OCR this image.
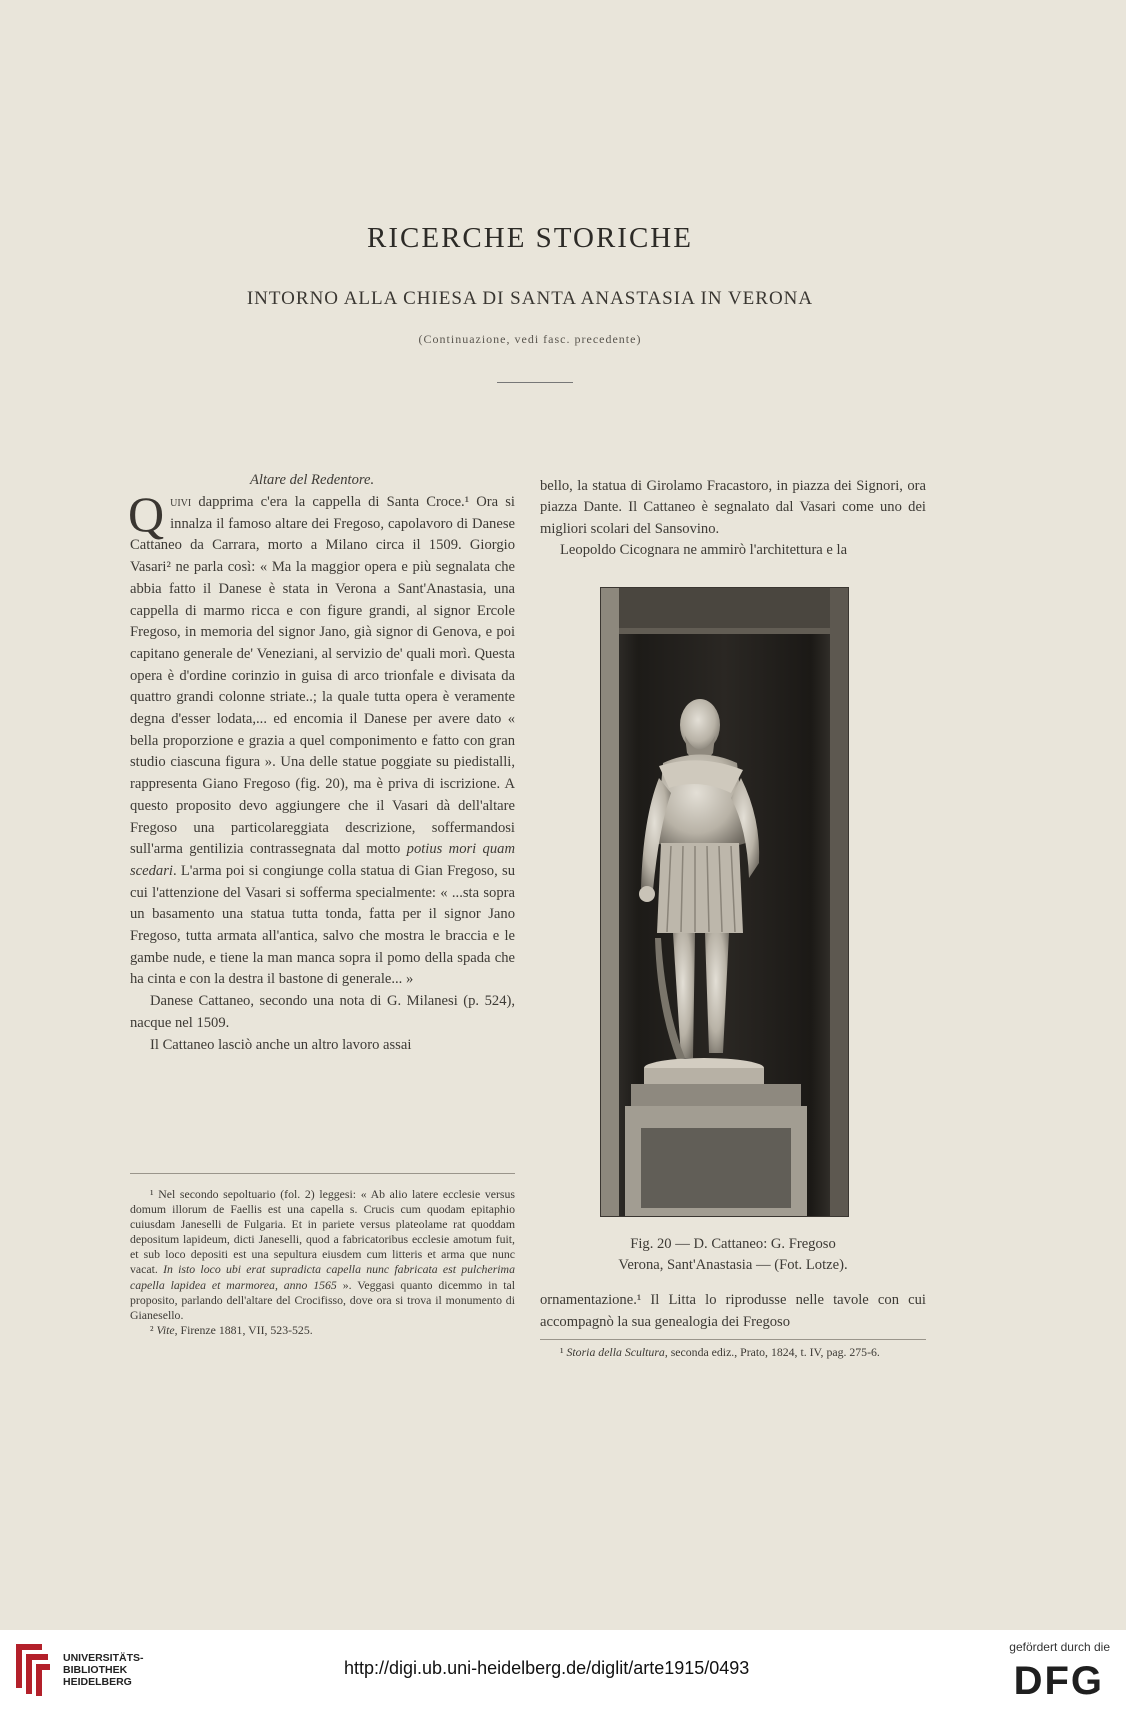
RICERCHE STORICHE
INTORNO ALLA CHIESA DI SANTA ANASTASIA IN VERONA
(Continuazione, vedi fasc. precedente)
Altare del Redentore.

Quivi dapprima c'era la cappella di Santa Croce.¹ Ora si innalza il famoso altare dei Fregoso, capolavoro di Danese Cattaneo da Carrara, morto a Milano circa il 1509. Giorgio Vasari² ne parla così: « Ma la maggior opera e più segnalata che abbia fatto il Danese è stata in Verona a Sant'Anastasia, una cappella di marmo ricca e con figure grandi, al signor Ercole Fregoso, in memoria del signor Jano, già signor di Genova, e poi capitano generale de' Veneziani, al servizio de' quali morì. Questa opera è d'ordine corinzio in guisa di arco trionfale e divisata da quattro grandi colonne striate..; la quale tutta opera è veramente degna d'esser lodata,... ed encomia il Danese per avere dato « bella proporzione e grazia a quel componimento e fatto con gran studio ciascuna figura ». Una delle statue poggiate su piedistalli, rappresenta Giano Fregoso (fig. 20), ma è priva di iscrizione. A questo proposito devo aggiungere che il Vasari dà dell'altare Fregoso una particolareggiata descrizione, soffermandosi sull'arma gentilizia contrassegnata dal motto potius mori quam scedari. L'arma poi si congiunge colla statua di Gian Fregoso, su cui l'attenzione del Vasari si sofferma specialmente: « ...sta sopra un basamento una statua tutta tonda, fatta per il signor Jano Fregoso, tutta armata all'antica, salvo che mostra le braccia e le gambe nude, e tiene la man manca sopra il pomo della spada che ha cinta e con la destra il bastone di generale... »

Danese Cattaneo, secondo una nota di G. Milanesi (p. 524), nacque nel 1509.

Il Cattaneo lasciò anche un altro lavoro assai

¹ Nel secondo sepoltuario (fol. 2) leggesi: « Ab alio latere ecclesie versus domum illorum de Faellis est una capella s. Crucis cum quodam epitaphio cuiusdam Janeselli de Fulgaria. Et in pariete versus plateolame rat quoddam depositum lapideum, dicti Janeselli, quod a fabricatoribus ecclesie amotum fuit, et sub loco depositi est una sepultura eiusdem cum litteris et arma que nunc vacat. In isto loco ubi erat supradicta capella nunc fabricata est pulcherima capella lapidea et marmorea, anno 1565 ». Veggasi quanto dicemmo in tal proposito, parlando dell'altare del Crocifisso, dove ora si trova il monumento di Gianesello.

² Vite, Firenze 1881, VII, 523-525.

bello, la statua di Girolamo Fracastoro, in piazza dei Signori, ora piazza Dante. Il Cattaneo è segnalato dal Vasari come uno dei migliori scolari del Sansovino.

Leopoldo Cicognara ne ammirò l'architettura e la

Fig. 20 — D. Cattaneo: G. Fregoso
Verona, Sant'Anastasia — (Fot. Lotze).

ornamentazione.¹ Il Litta lo riprodusse nelle tavole con cui accompagnò la sua genealogia dei Fregoso

¹ Storia della Scultura, seconda ediz., Prato, 1824, t. IV, pag. 275-6.

UNIVERSITÄTS-
BIBLIOTHEK
HEIDELBERG
http://digi.ub.uni-heidelberg.de/diglit/arte1915/0493
gefördert durch die
DFG
